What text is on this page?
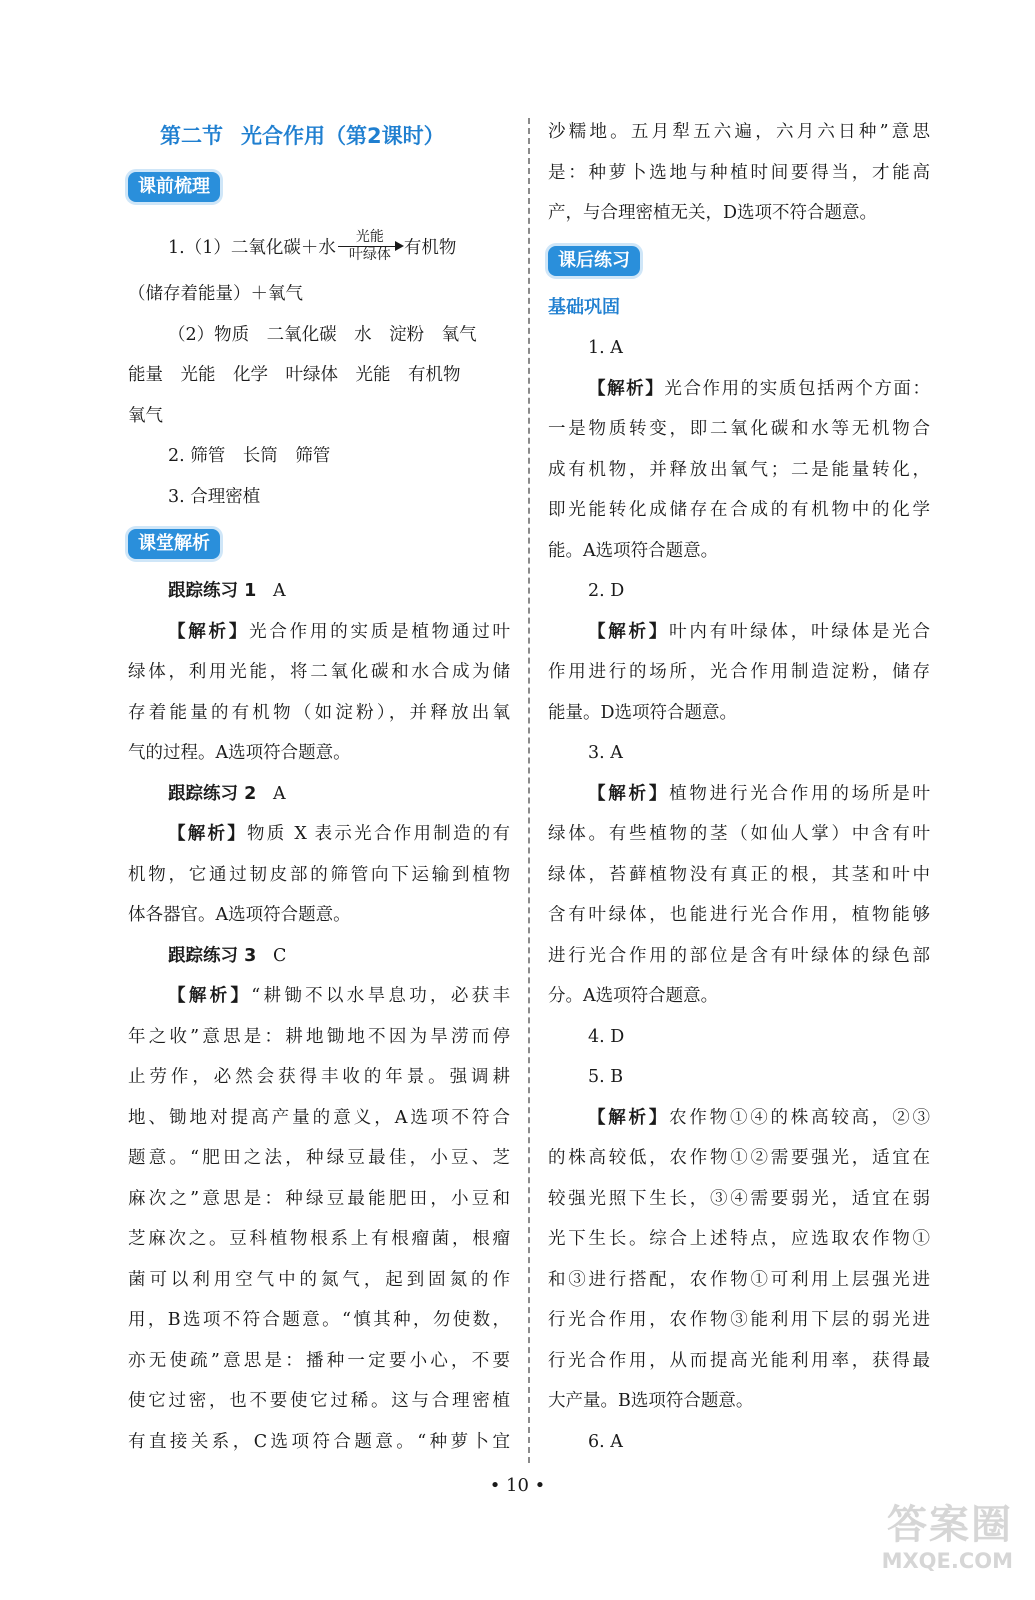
第二节 光合作用（第2课时）
课前梳理
1.（1）二氧化碳＋水
光能
叶绿体 有机物
（储存着能量）＋氧气
（2）物质　二氧化碳　水　淀粉　氧气
能量　光能　化学　叶绿体　光能　有机物
氧气
2. 筛管　长筒　筛管
3. 合理密植
课堂解析
跟踪练习 1 A
【解析】光合作用的实质是植物通过叶
绿体，利用光能，将二氧化碳和水合成为储
存着能量的有机物（如淀粉），并释放出氧
气的过程。A选项符合题意。
跟踪练习 2 A
【解析】物质 X 表示光合作用制造的有
机物，它通过韧皮部的筛管向下运输到植物
体各器官。A选项符合题意。
跟踪练习 3 C
【解析】“耕锄不以水旱息功，必获丰
年之收”意思是：耕地锄地不因为旱涝而停
止劳作，必然会获得丰收的年景。强调耕
地、锄地对提高产量的意义，A选项不符合
题意。“肥田之法，种绿豆最佳，小豆、芝
麻次之”意思是：种绿豆最能肥田，小豆和
芝麻次之。豆科植物根系上有根瘤菌，根瘤
菌可以利用空气中的氮气，起到固氮的作
用，B选项不符合题意。“慎其种，勿使数，
亦无使疏”意思是：播种一定要小心，不要
使它过密，也不要使它过稀。这与合理密植
有直接关系，C选项符合题意。“种萝卜宜
沙糯地。五月犁五六遍，六月六日种”意思
是：种萝卜选地与种植时间要得当，才能高
产，与合理密植无关，D选项不符合题意。
课后练习
基础巩固
1. A
【解析】光合作用的实质包括两个方面：
一是物质转变，即二氧化碳和水等无机物合
成有机物，并释放出氧气；二是能量转化，
即光能转化成储存在合成的有机物中的化学
能。A选项符合题意。
2. D
【解析】叶内有叶绿体，叶绿体是光合
作用进行的场所，光合作用制造淀粉，储存
能量。D选项符合题意。
3. A
【解析】植物进行光合作用的场所是叶
绿体。有些植物的茎（如仙人掌）中含有叶
绿体，苔藓植物没有真正的根，其茎和叶中
含有叶绿体，也能进行光合作用，植物能够
进行光合作用的部位是含有叶绿体的绿色部
分。A选项符合题意。
4. D
5. B
【解析】农作物①④的株高较高，②③
的株高较低，农作物①②需要强光，适宜在
较强光照下生长，③④需要弱光，适宜在弱
光下生长。综合上述特点，应选取农作物①
和③进行搭配，农作物①可利用上层强光进
行光合作用，农作物③能利用下层的弱光进
行光合作用，从而提高光能利用率，获得最
大产量。B选项符合题意。
6. A
• 10 •
答案圈
MXQE.COM
